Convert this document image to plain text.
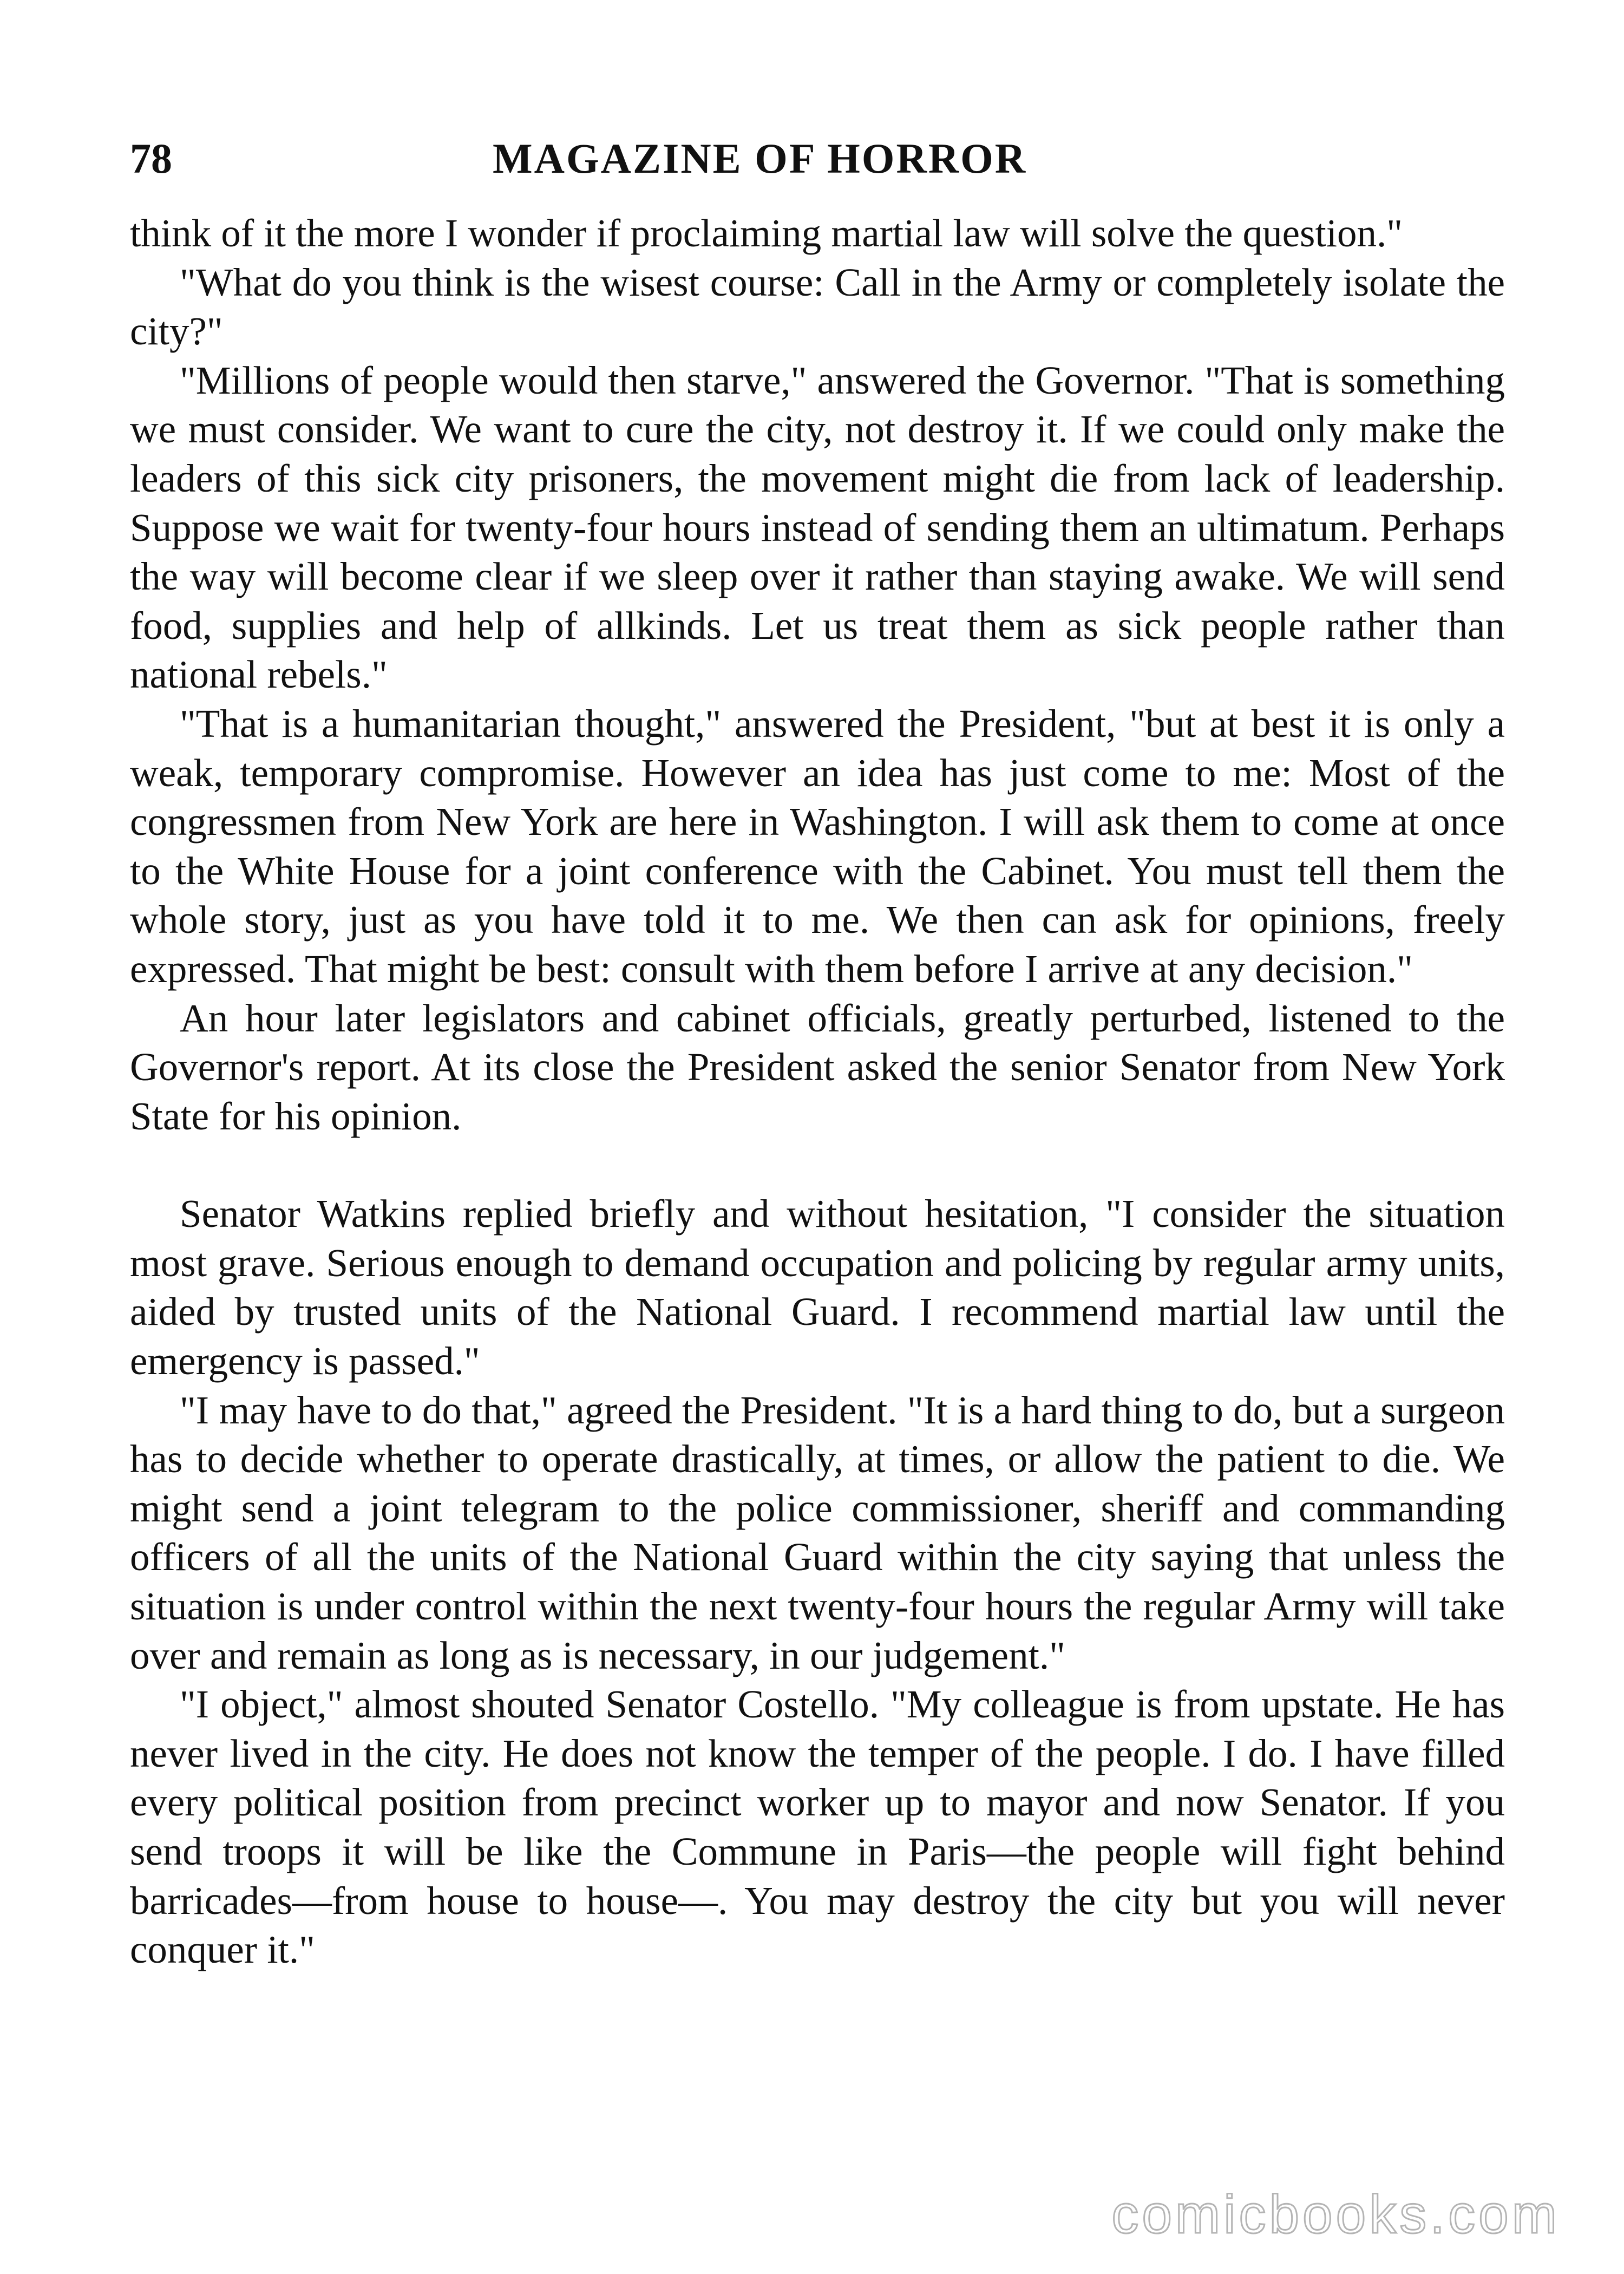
78	MAGAZINE OF HORROR

think of it the more I wonder if proclaiming martial law will solve the question."

"What do you think is the wisest course: Call in the Army or completely isolate the city?"

"Millions of people would then starve," answered the Governor. "That is something we must consider. We want to cure the city, not destroy it. If we could only make the leaders of this sick city prisoners, the movement might die from lack of leadership. Suppose we wait for twenty-four hours instead of sending them an ultimatum. Perhaps the way will become clear if we sleep over it rather than staying awake. We will send food, supplies and help of allkinds. Let us treat them as sick people rather than national rebels."

"That is a humanitarian thought," answered the President, "but at best it is only a weak, temporary compromise. However an idea has just come to me: Most of the congressmen from New York are here in Washington. I will ask them to come at once to the White House for a joint conference with the Cabinet. You must tell them the whole story, just as you have told it to me. We then can ask for opinions, freely expressed. That might be best: consult with them before I arrive at any decision."

An hour later legislators and cabinet officials, greatly perturbed, listened to the Governor's report. At its close the President asked the senior Senator from New York State for his opinion.

Senator Watkins replied briefly and without hesitation, "I consider the situation most grave. Serious enough to demand occupation and policing by regular army units, aided by trusted units of the National Guard. I recommend martial law until the emergency is passed."

"I may have to do that," agreed the President. "It is a hard thing to do, but a surgeon has to decide whether to operate drastically, at times, or allow the patient to die. We might send a joint telegram to the police commissioner, sheriff and commanding officers of all the units of the National Guard within the city saying that unless the situation is under control within the next twenty-four hours the regular Army will take over and remain as long as is necessary, in our judgement."

"I object," almost shouted Senator Costello. "My colleague is from upstate. He has never lived in the city. He does not know the temper of the people. I do. I have filled every political position from precinct worker up to mayor and now Senator. If you send troops it will be like the Commune in Paris—the people will fight behind barricades—from house to house—. You may destroy the city but you will never conquer it."

comicbooks.com
